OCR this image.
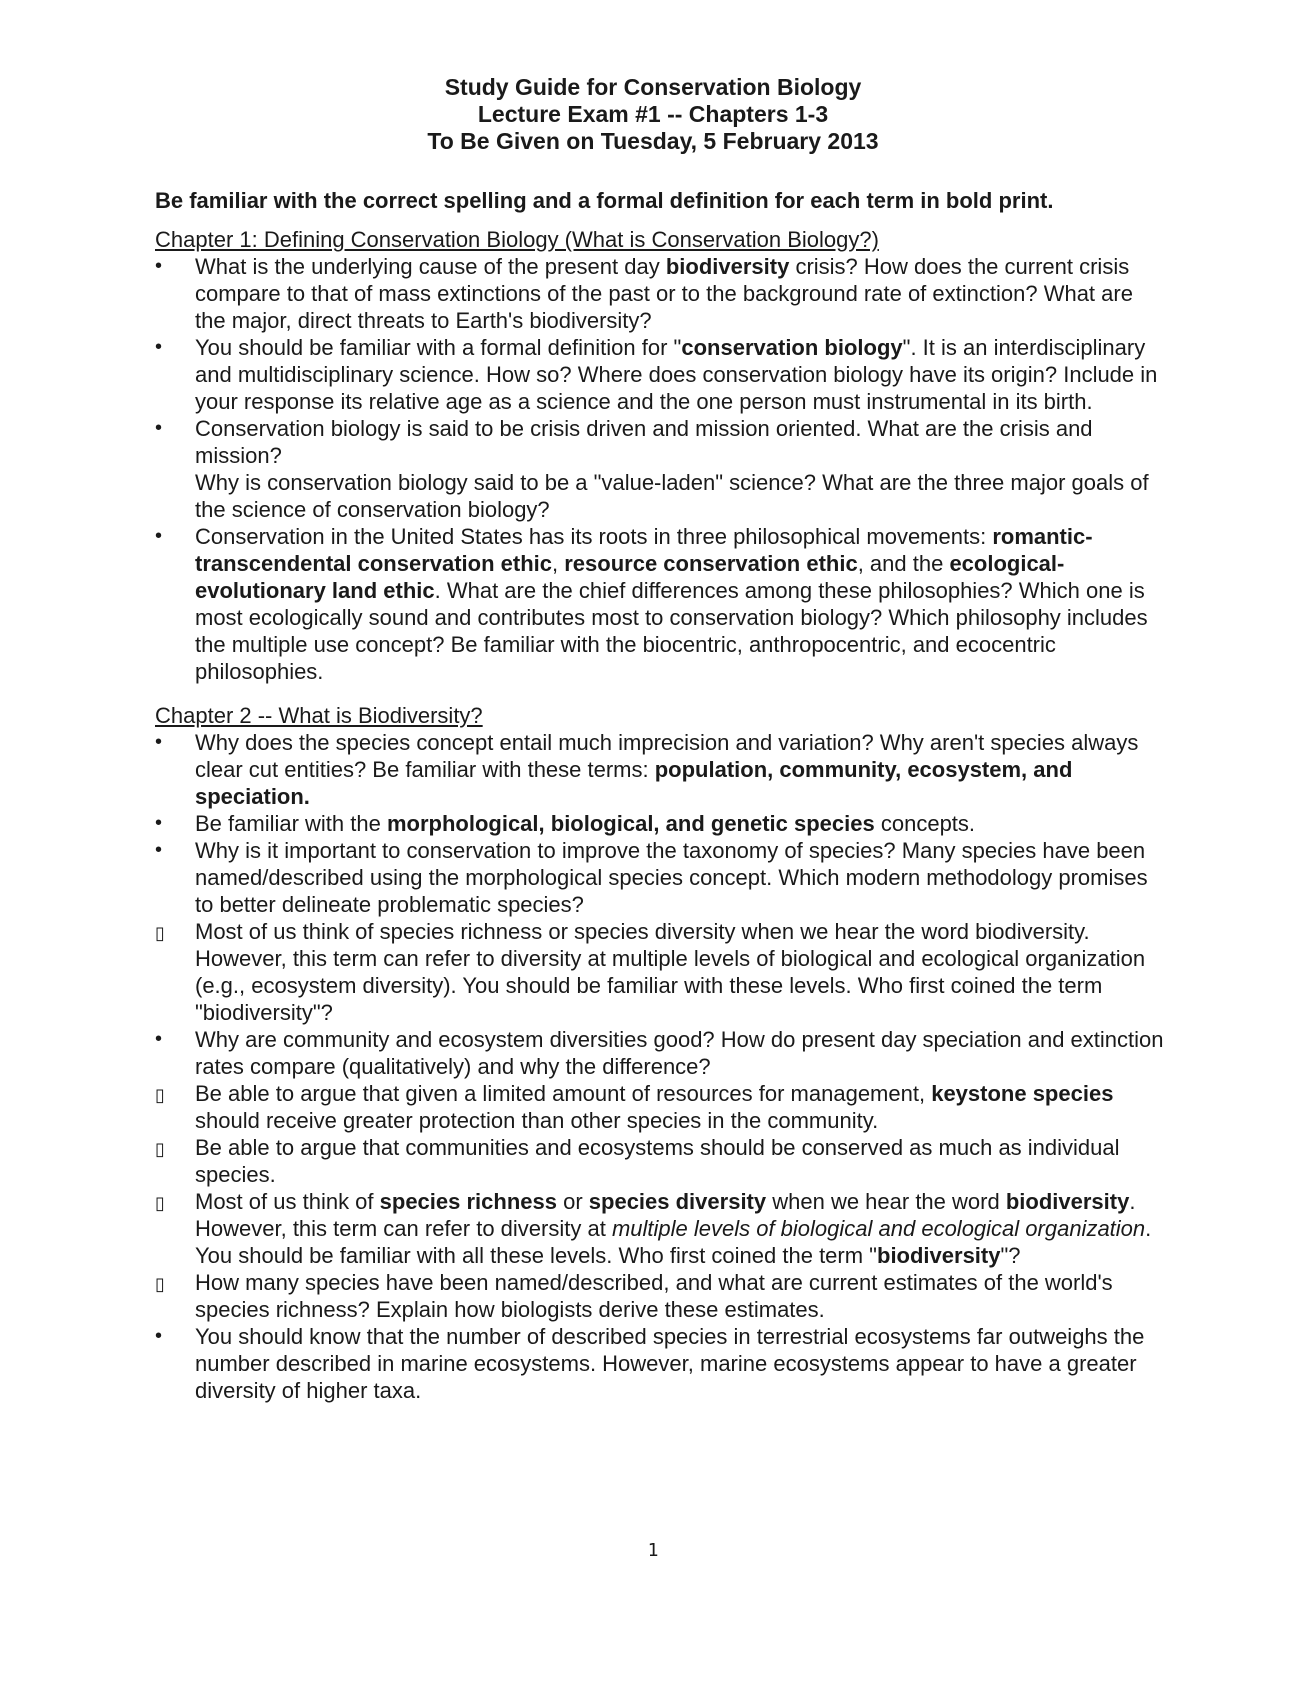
Study Guide for Conservation Biology
Lecture Exam #1 -- Chapters 1-3
To Be Given on Tuesday, 5 February 2013
Be familiar with the correct spelling and a formal definition for each term in bold print.
Chapter 1: Defining Conservation Biology (What is Conservation Biology?)
•	What is the underlying cause of the present day biodiversity crisis? How does the current crisis compare to that of mass extinctions of the past or to the background rate of extinction? What are the major, direct threats to Earth's biodiversity?
•	You should be familiar with a formal definition for "conservation biology". It is an interdisciplinary and multidisciplinary science. How so? Where does conservation biology have its origin? Include in your response its relative age as a science and the one person must instrumental in its birth.
•	Conservation biology is said to be crisis driven and mission oriented. What are the crisis and mission?
Why is conservation biology said to be a "value-laden" science? What are the three major goals of the science of conservation biology?
•	Conservation in the United States has its roots in three philosophical movements: romantic-transcendental conservation ethic, resource conservation ethic, and the ecological-evolutionary land ethic. What are the chief differences among these philosophies? Which one is most ecologically sound and contributes most to conservation biology? Which philosophy includes the multiple use concept? Be familiar with the biocentric, anthropocentric, and ecocentric philosophies.
Chapter 2 -- What is Biodiversity?
•	Why does the species concept entail much imprecision and variation? Why aren't species always clear cut entities? Be familiar with these terms: population, community, ecosystem, and speciation.
•	Be familiar with the morphological, biological, and genetic species concepts.
•	Why is it important to conservation to improve the taxonomy of species? Many species have been named/described using the morphological species concept. Which modern methodology promises to better delineate problematic species?
▯	Most of us think of species richness or species diversity when we hear the word biodiversity. However, this term can refer to diversity at multiple levels of biological and ecological organization (e.g., ecosystem diversity). You should be familiar with these levels. Who first coined the term "biodiversity"?
•	Why are community and ecosystem diversities good? How do present day speciation and extinction rates compare (qualitatively) and why the difference?
▯	Be able to argue that given a limited amount of resources for management, keystone species should receive greater protection than other species in the community.
▯	Be able to argue that communities and ecosystems should be conserved as much as individual species.
▯	Most of us think of species richness or species diversity when we hear the word biodiversity. However, this term can refer to diversity at multiple levels of biological and ecological organization. You should be familiar with all these levels. Who first coined the term "biodiversity"?
▯	How many species have been named/described, and what are current estimates of the world's species richness? Explain how biologists derive these estimates.
•	You should know that the number of described species in terrestrial ecosystems far outweighs the number described in marine ecosystems. However, marine ecosystems appear to have a greater diversity of higher taxa.
1
